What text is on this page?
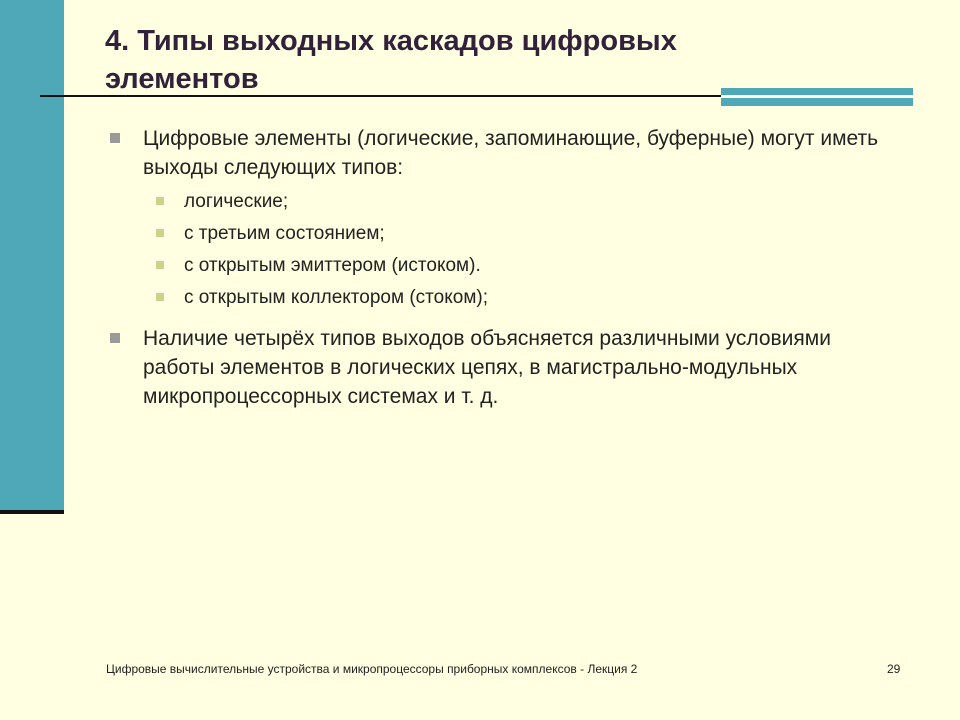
4. Типы выходных каскадов цифровых элементов
Цифровые элементы (логические, запоминающие, буферные) могут иметь выходы следующих типов:
логические;
с третьим состоянием;
с открытым эмиттером (истоком).
с открытым коллектором (стоком);
Наличие четырёх типов выходов объясняется различными условиями работы элементов в логических цепях, в магистрально-модульных микропроцессорных системах и т. д.
Цифровые вычислительные устройства и микропроцессоры приборных комплексов - Лекция 2	29
